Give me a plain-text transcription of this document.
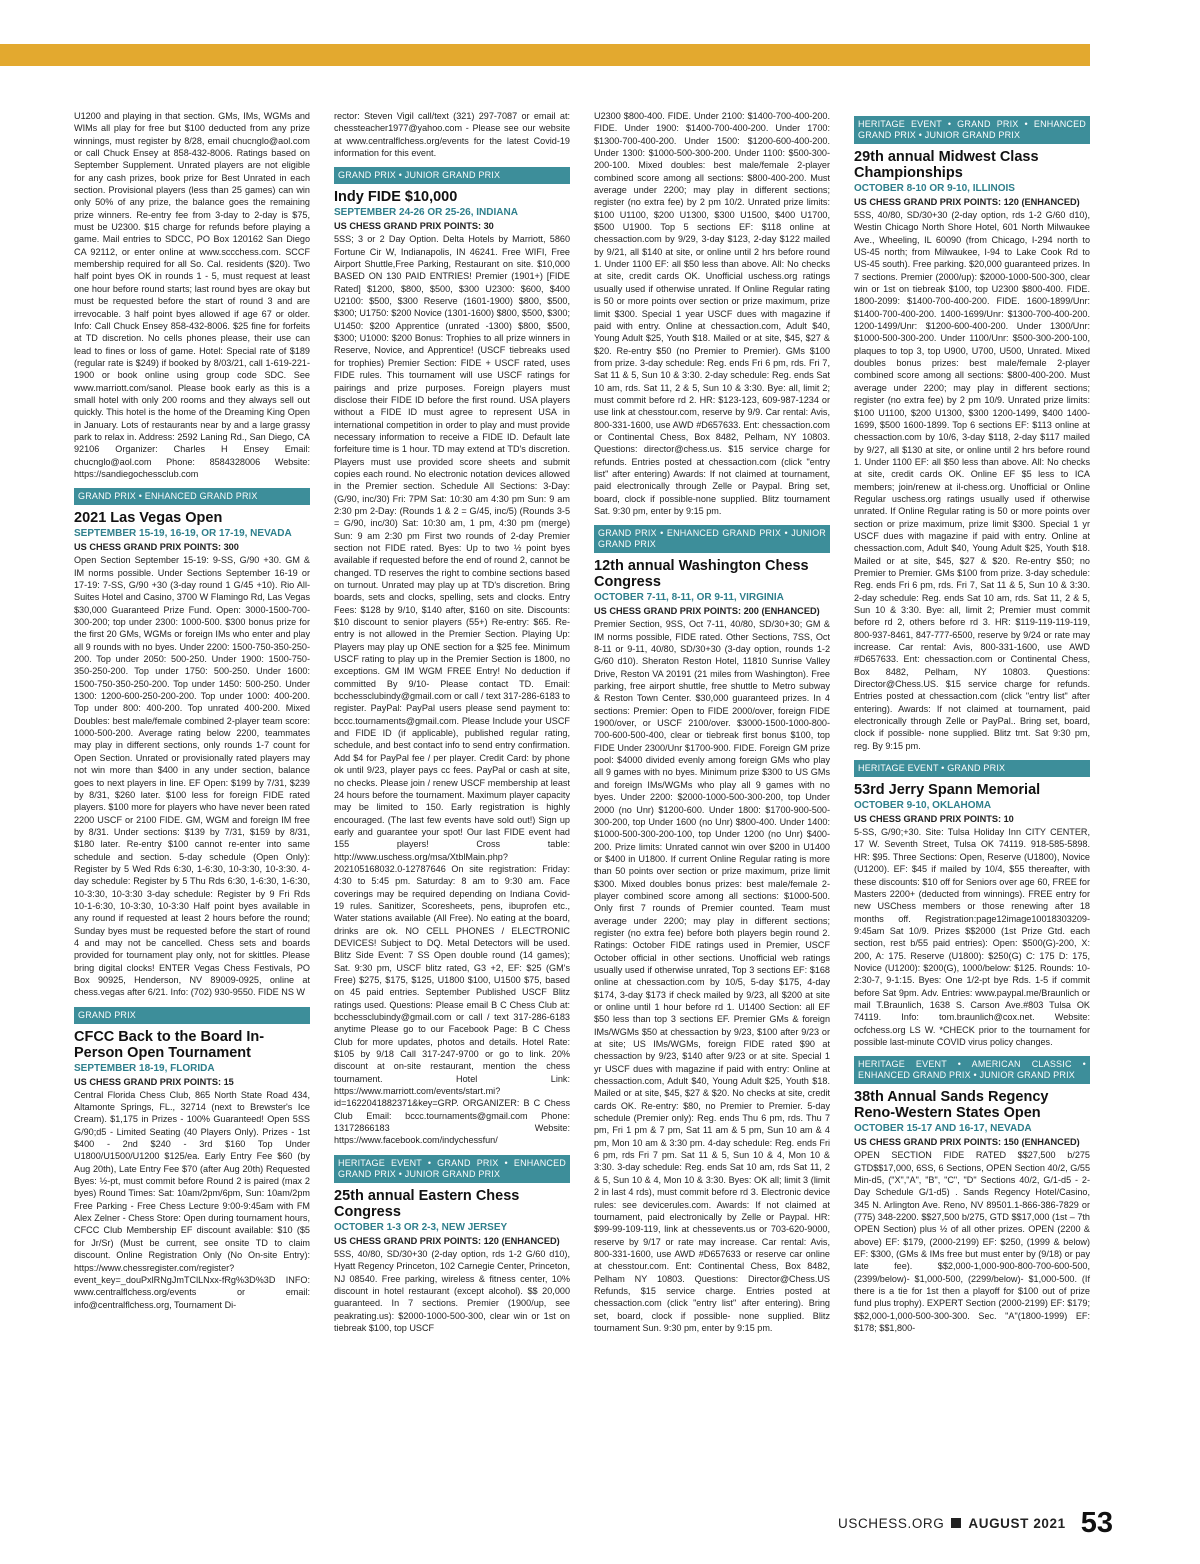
U1200 and playing in that section. GMs, IMs, WGMs and WIMs all play for free but $100 deducted from any prize winnings, must register by 8/28, email chucnglo@aol.com or call Chuck Ensey at 858-432-8006. Ratings based on September Supplement. Unrated players are not eligible for any cash prizes, book prize for Best Unrated in each section. Provisional players (less than 25 games) can win only 50% of any prize, the balance goes the remaining prize winners. Re-entry fee from 3-day to 2-day is $75, must be U2300. $15 charge for refunds before playing a game. Mail entries to SDCC, PO Box 120162 San Diego CA 92112, or enter online at www.sccchess.com. SCCF membership required for all So. Cal. residents ($20). Two half point byes OK in rounds 1 - 5, must request at least one hour before round starts; last round byes are okay but must be requested before the start of round 3 and are irrevocable. 3 half point byes allowed if age 67 or older. Info: Call Chuck Ensey 858-432-8006. $25 fine for forfeits at TD discretion. No cells phones please, their use can lead to fines or loss of game. Hotel: Special rate of $189 (regular rate is $249) if booked by 8/03/21, call 1-619-221-1900 or book online using group code SDC. See www.marriott.com/sanol. Please book early as this is a small hotel with only 200 rooms and they always sell out quickly. This hotel is the home of the Dreaming King Open in January. Lots of restaurants near by and a large grassy park to relax in. Address: 2592 Laning Rd., San Diego, CA 92106 Organizer: Charles H Ensey Email: chucnglo@aol.com Phone: 8584328006 Website: https://sandiegochessclub.com

GRAND PRIX • ENHANCED GRAND PRIX
2021 Las Vegas Open
SEPTEMBER 15-19, 16-19, OR 17-19, NEVADA
US CHESS GRAND PRIX POINTS: 300

Open Section September 15-19: 9-SS, G/90 +30. GM & IM norms possible. Under Sections September 16-19 or 17-19: 7-SS, G/90 +30 (3-day round 1 G/45 +10). Rio All-Suites Hotel and Casino, 3700 W Flamingo Rd, Las Vegas $30,000 Guaranteed Prize Fund. Open: 3000-1500-700-300-200; top under 2300: 1000-500. $300 bonus prize for the first 20 GMs, WGMs or foreign IMs who enter and play all 9 rounds with no byes. Under 2200: 1500-750-350-250-200. Top under 2050: 500-250. Under 1900: 1500-750-350-250-200. Top under 1750: 500-250. Under 1600: 1500-750-350-250-200. Top under 1450: 500-250. Under 1300: 1200-600-250-200-200. Top under 1000: 400-200. Top under 800: 400-200. Top unrated 400-200. Mixed Doubles: best male/female combined 2-player team score: 1000-500-200. Average rating below 2200, teammates may play in different sections, only rounds 1-7 count for Open Section. Unrated or provisionally rated players may not win more than $400 in any under section, balance goes to next players in line. EF Open: $199 by 7/31, $239 by 8/31, $260 later. $100 less for foreign FIDE rated players. $100 more for players who have never been rated 2200 USCF or 2100 FIDE. GM, WGM and foreign IM free by 8/31. Under sections: $139 by 7/31, $159 by 8/31, $180 later. Re-entry $100 cannot re-enter into same schedule and section. 5-day schedule (Open Only): Register by 5 Wed Rds 6:30, 1-6:30, 10-3:30, 10-3:30. 4-day schedule: Register by 5 Thu Rds 6:30, 1-6:30, 1-6:30, 10-3:30, 10-3:30 3-day schedule: Register by 9 Fri Rds 10-1-6:30, 10-3:30, 10-3:30 Half point byes available in any round if requested at least 2 hours before the round; Sunday byes must be requested before the start of round 4 and may not be cancelled. Chess sets and boards provided for tournament play only, not for skittles. Please bring digital clocks! ENTER Vegas Chess Festivals, PO Box 90925, Henderson, NV 89009-0925, online at chess.vegas after 6/21. Info: (702) 930-9550. FIDE NS W

GRAND PRIX
CFCC Back to the Board In-Person Open Tournament
SEPTEMBER 18-19, FLORIDA
US CHESS GRAND PRIX POINTS: 15

Central Florida Chess Club, 865 North State Road 434, Altamonte Springs, FL., 32714 (next to Brewster's Ice Cream). $1,175 in Prizes - 100% Guaranteed! Open 5SS G/90;d5 - Limited Seating (40 Players Only). Prizes - 1st $400 - 2nd $240 - 3rd $160 Top Under U1800/U1500/U1200 $125/ea. Early Entry Fee $60 (by Aug 20th), Late Entry Fee $70 (after Aug 20th) Requested Byes: ½-pt, must commit before Round 2 is paired (max 2 byes) Round Times: Sat: 10am/2pm/6pm, Sun: 10am/2pm Free Parking - Free Chess Lecture 9:00-9:45am with FM Alex Zelner - Chess Store: Open during tournament hours, CFCC Club Membership EF discount available: $10 ($5 for Jr/Sr) (Must be current, see onsite TD to claim discount. Online Registration Only (No On-site Entry): https://www.chessregister.com/register?event_key=_douPxlRNgJmTClLNxx-fRg%3D%3D INFO: www.centralflchess.org/events or email: info@centralflchess.org, Tournament Di-

rector: Steven Vigil call/text (321) 297-7087 or email at: chessteacher1977@yahoo.com - Please see our website at www.centralflchess.org/events for the latest Covid-19 information for this event.

GRAND PRIX • JUNIOR GRAND PRIX
Indy FIDE $10,000
SEPTEMBER 24-26 OR 25-26, INDIANA
US CHESS GRAND PRIX POINTS: 30

5SS; 3 or 2 Day Option. Delta Hotels by Marriott, 5860 Fortune Cir W, Indianapolis, IN 46241. Free WIFI, Free Airport Shuttle,Free Parking, Restaurant on site. $10,000 BASED ON 130 PAID ENTRIES! Premier (1901+) [FIDE Rated] $1200, $800, $500, $300 U2300: $600, $400 U2100: $500, $300 Reserve (1601-1900) $800, $500, $300; U1750: $200 Novice (1301-1600) $800, $500, $300; U1450: $200 Apprentice (unrated -1300) $800, $500, $300; U1000: $200 Bonus: Trophies to all prize winners in Reserve, Novice, and Apprentice! (USCF tiebreaks used for trophies) Premier Section: FIDE + USCF rated, uses FIDE rules. This tournament will use USCF ratings for pairings and prize purposes. Foreign players must disclose their FIDE ID before the first round. USA players without a FIDE ID must agree to represent USA in international competition in order to play and must provide necessary information to receive a FIDE ID. Default late forfeiture time is 1 hour. TD may extend at TD's discretion. Players must use provided score sheets and submit copies each round. No electronic notation devices allowed in the Premier section. Schedule All Sections: 3-Day: (G/90, inc/30) Fri: 7PM Sat: 10:30 am 4:30 pm Sun: 9 am 2:30 pm 2-Day: (Rounds 1 & 2 = G/45, inc/5) (Rounds 3-5 = G/90, inc/30) Sat: 10:30 am, 1 pm, 4:30 pm (merge) Sun: 9 am 2:30 pm First two rounds of 2-day Premier section not FIDE rated. Byes: Up to two ½ point byes available if requested before the end of round 2, cannot be changed. TD reserves the right to combine sections based on turnout. Unrated may play up at TD's discretion. Bring boards, sets and clocks, spelling, sets and clocks. Entry Fees: $128 by 9/10, $140 after, $160 on site. Discounts: $10 discount to senior players (55+) Re-entry: $65. Re-entry is not allowed in the Premier Section. Playing Up: Players may play up ONE section for a $25 fee. Minimum USCF rating to play up in the Premier Section is 1800, no exceptions. GM IM WGM FREE Entry! No deduction if committed By 9/10- Please contact TD. Email: bcchessclubindy@gmail.com or call / text 317-286-6183 to register. PayPal: PayPal users please send payment to: bccc.tournaments@gmail.com. Please Include your USCF and FIDE ID (if applicable), published regular rating, schedule, and best contact info to send entry confirmation. Add $4 for PayPal fee / per player. Credit Card: by phone ok until 9/23, player pays cc fees. PayPal or cash at site, no checks. Please join / renew USCF membership at least 24 hours before the tournament. Maximum player capacity may be limited to 150. Early registration is highly encouraged. (The last few events have sold out!) Sign up early and guarantee your spot! Our last FIDE event had 155 players! Cross table: http://www.uschess.org/msa/XtblMain.php?202105168032.0-12787646 On site registration: Friday: 4:30 to 5:45 pm. Saturday: 8 am to 9:30 am. Face coverings may be required depending on Indiana Covid-19 rules. Sanitizer, Scoresheets, pens, ibuprofen etc., Water stations available (All Free). No eating at the board, drinks are ok. NO CELL PHONES / ELECTRONIC DEVICES! Subject to DQ. Metal Detectors will be used. Blitz Side Event: 7 SS Open double round (14 games); Sat. 9:30 pm, USCF blitz rated, G3 +2, EF: $25 (GM's Free) $275, $175, $125, U1800 $100, U1500 $75, based on 45 paid entries. September Published USCF Blitz ratings used. Questions: Please email B C Chess Club at: bcchessclubindy@gmail.com or call / text 317-286-6183 anytime Please go to our Facebook Page: B C Chess Club for more updates, photos and details. Hotel Rate: $105 by 9/18 Call 317-247-9700 or go to link. 20% discount at on-site restaurant, mention the chess tournament. Hotel Link: https://www.marriott.com/events/start.mi?id=1622041882371&key=GRP. ORGANIZER: B C Chess Club Email: bccc.tournaments@gmail.com Phone: 13172866183 Website: https://www.facebook.com/indychessfun/

HERITAGE EVENT • GRAND PRIX • ENHANCED GRAND PRIX • JUNIOR GRAND PRIX
25th annual Eastern Chess Congress
OCTOBER 1-3 OR 2-3, NEW JERSEY
US CHESS GRAND PRIX POINTS: 120 (ENHANCED)

5SS, 40/80, SD/30+30 (2-day option, rds 1-2 G/60 d10), Hyatt Regency Princeton, 102 Carnegie Center, Princeton, NJ 08540. Free parking, wireless & fitness center, 10% discount in hotel restaurant (except alcohol). $$ 20,000 guaranteed. In 7 sections. Premier (1900/up, see peakrating.us): $2000-1000-500-300, clear win or 1st on tiebreak $100, top USCF

U2300 $800-400. FIDE. Under 2100: $1400-700-400-200. FIDE. Under 1900: $1400-700-400-200. Under 1700: $1300-700-400-200. Under 1500: $1200-600-400-200. Under 1300: $1000-500-300-200. Under 1100: $500-300-200-100. Mixed doubles: best male/female 2-player combined score among all sections: $800-400-200. Must average under 2200; may play in different sections; register (no extra fee) by 2 pm 10/2. Unrated prize limits: $100 U1100, $200 U1300, $300 U1500, $400 U1700, $500 U1900. Top 5 sections EF: $118 online at chessaction.com by 9/29, 3-day $123, 2-day $122 mailed by 9/21, all $140 at site, or online until 2 hrs before round 1. Under 1100 EF: all $50 less than above. All: No checks at site, credit cards OK. Unofficial uschess.org ratings usually used if otherwise unrated. If Online Regular rating is 50 or more points over section or prize maximum, prize limit $300. Special 1 year USCF dues with magazine if paid with entry. Online at chessaction.com, Adult $40, Young Adult $25, Youth $18. Mailed or at site, $45, $27 & $20. Re-entry $50 (no Premier to Premier). GMs $100 from prize. 3-day schedule: Reg. ends Fri 6 pm, rds. Fri 7, Sat 11 & 5, Sun 10 & 3:30. 2-day schedule: Reg. ends Sat 10 am, rds. Sat 11, 2 & 5, Sun 10 & 3:30. Bye: all, limit 2; must commit before rd 2. HR: $123-123, 609-987-1234 or use link at chesstour.com, reserve by 9/9. Car rental: Avis, 800-331-1600, use AWD #D657633. Ent: chessaction.com or Continental Chess, Box 8482, Pelham, NY 10803. Questions: director@chess.us. $15 service charge for refunds. Entries posted at chessaction.com (click "entry list" after entering) Awards: If not claimed at tournament, paid electronically through Zelle or Paypal. Bring set, board, clock if possible-none supplied. Blitz tournament Sat. 9:30 pm, enter by 9:15 pm.

GRAND PRIX • ENHANCED GRAND PRIX • JUNIOR GRAND PRIX
12th annual Washington Chess Congress
OCTOBER 7-11, 8-11, OR 9-11, VIRGINIA
US CHESS GRAND PRIX POINTS: 200 (ENHANCED)

Premier Section, 9SS, Oct 7-11, 40/80, SD/30+30; GM & IM norms possible, FIDE rated. Other Sections, 7SS, Oct 8-11 or 9-11, 40/80, SD/30+30 (3-day option, rounds 1-2 G/60 d10). Sheraton Reston Hotel, 11810 Sunrise Valley Drive, Reston VA 20191 (21 miles from Washington). Free parking, free airport shuttle, free shuttle to Metro subway & Reston Town Center. $30,000 guaranteed prizes. In 4 sections: Premier: Open to FIDE 2000/over, foreign FIDE 1900/over, or USCF 2100/over. $3000-1500-1000-800-700-600-500-400, clear or tiebreak first bonus $100, top FIDE Under 2300/Unr $1700-900. FIDE. Foreign GM prize pool: $4000 divided evenly among foreign GMs who play all 9 games with no byes. Minimum prize $300 to US GMs and foreign IMs/WGMs who play all 9 games with no byes. Under 2200: $2000-1000-500-300-200, top Under 2000 (no Unr) $1200-600. Under 1800: $1700-900-500-300-200, top Under 1600 (no Unr) $800-400. Under 1400: $1000-500-300-200-100, top Under 1200 (no Unr) $400-200. Prize limits: Unrated cannot win over $200 in U1400 or $400 in U1800. If current Online Regular rating is more than 50 points over section or prize maximum, prize limit $300. Mixed doubles bonus prizes: best male/female 2-player combined score among all sections: $1000-500. Only first 7 rounds of Premier counted. Team must average under 2200; may play in different sections; register (no extra fee) before both players begin round 2. Ratings: October FIDE ratings used in Premier, USCF October official in other sections. Unofficial web ratings usually used if otherwise unrated, Top 3 sections EF: $168 online at chessaction.com by 10/5, 5-day $175, 4-day $174, 3-day $173 if check mailed by 9/23, all $200 at site or online until 1 hour before rd 1. U1400 Section: all EF $50 less than top 3 sections EF. Premier GMs & foreign IMs/WGMs $50 at chessaction by 9/23, $100 after 9/23 or at site; US IMs/WGMs, foreign FIDE rated $90 at chessaction by 9/23, $140 after 9/23 or at site. Special 1 yr USCF dues with magazine if paid with entry: Online at chessaction.com, Adult $40, Young Adult $25, Youth $18. Mailed or at site, $45, $27 & $20. No checks at site, credit cards OK. Re-entry: $80, no Premier to Premier. 5-day schedule (Premier only): Reg. ends Thu 6 pm, rds. Thu 7 pm, Fri 1 pm & 7 pm, Sat 11 am & 5 pm, Sun 10 am & 4 pm, Mon 10 am & 3:30 pm. 4-day schedule: Reg. ends Fri 6 pm, rds Fri 7 pm. Sat 11 & 5, Sun 10 & 4, Mon 10 & 3:30. 3-day schedule: Reg. ends Sat 10 am, rds Sat 11, 2 & 5, Sun 10 & 4, Mon 10 & 3:30. Byes: OK all; limit 3 (limit 2 in last 4 rds), must commit before rd 3. Electronic device rules: see devicerules.com. Awards: If not claimed at tournament, paid electronically by Zelle or Paypal. HR: $99-99-109-119, link at chessevents.us or 703-620-9000, reserve by 9/17 or rate may increase. Car rental: Avis, 800-331-1600, use AWD #D657633 or reserve car online at chesstour.com. Ent: Continental Chess, Box 8482, Pelham NY 10803. Questions: Director@Chess.US Refunds, $15 service charge. Entries posted at chessaction.com (click "entry list" after entering). Bring set, board, clock if possible- none supplied. Blitz tournament Sun. 9:30 pm, enter by 9:15 pm.

HERITAGE EVENT • GRAND PRIX • ENHANCED GRAND PRIX • JUNIOR GRAND PRIX
29th annual Midwest Class Championships
OCTOBER 8-10 OR 9-10, ILLINOIS
US CHESS GRAND PRIX POINTS: 120 (ENHANCED)

5SS, 40/80, SD/30+30 (2-day option, rds 1-2 G/60 d10), Westin Chicago North Shore Hotel, 601 North Milwaukee Ave., Wheeling, IL 60090 (from Chicago, I-294 north to US-45 north; from Milwaukee, I-94 to Lake Cook Rd to US-45 south). Free parking. $20,000 guaranteed prizes. In 7 sections. Premier (2000/up): $2000-1000-500-300, clear win or 1st on tiebreak $100, top U2300 $800-400. FIDE. 1800-2099: $1400-700-400-200. FIDE. 1600-1899/Unr: $1400-700-400-200. 1400-1699/Unr: $1300-700-400-200. 1200-1499/Unr: $1200-600-400-200. Under 1300/Unr: $1000-500-300-200. Under 1100/Unr: $500-300-200-100, plaques to top 3, top U900, U700, U500, Unrated. Mixed doubles bonus prizes: best male/female 2-player combined score among all sections: $800-400-200. Must average under 2200; may play in different sections; register (no extra fee) by 2 pm 10/9. Unrated prize limits: $100 U1100, $200 U1300, $300 1200-1499, $400 1400-1699, $500 1600-1899. Top 6 sections EF: $113 online at chessaction.com by 10/6, 3-day $118, 2-day $117 mailed by 9/27, all $130 at site, or online until 2 hrs before round 1. Under 1100 EF: all $50 less than above. All: No checks at site, credit cards OK. Online EF $5 less to ICA members; join/renew at il-chess.org. Unofficial or Online Regular uschess.org ratings usually used if otherwise unrated. If Online Regular rating is 50 or more points over section or prize maximum, prize limit $300. Special 1 yr USCF dues with magazine if paid with entry. Online at chessaction.com, Adult $40, Young Adult $25, Youth $18. Mailed or at site, $45, $27 & $20. Re-entry $50; no Premier to Premier. GMs $100 from prize. 3-day schedule: Reg. ends Fri 6 pm, rds. Fri 7, Sat 11 & 5, Sun 10 & 3:30. 2-day schedule: Reg. ends Sat 10 am, rds. Sat 11, 2 & 5, Sun 10 & 3:30. Bye: all, limit 2; Premier must commit before rd 2, others before rd 3. HR: $119-119-119-119, 800-937-8461, 847-777-6500, reserve by 9/24 or rate may increase. Car rental: Avis, 800-331-1600, use AWD #D657633. Ent: chessaction.com or Continental Chess, Box 8482, Pelham, NY 10803. Questions: Director@Chess.US. $15 service charge for refunds. Entries posted at chessaction.com (click "entry list" after entering). Awards: If not claimed at tournament, paid electronically through Zelle or PayPal.. Bring set, board, clock if possible- none supplied. Blitz tmt. Sat 9:30 pm, reg. By 9:15 pm.

HERITAGE EVENT • GRAND PRIX
53rd Jerry Spann Memorial
OCTOBER 9-10, OKLAHOMA
US CHESS GRAND PRIX POINTS: 10

5-SS, G/90;+30. Site: Tulsa Holiday Inn CITY CENTER, 17 W. Seventh Street, Tulsa OK 74119. 918-585-5898. HR: $95. Three Sections: Open, Reserve (U1800), Novice (U1200). EF: $45 if mailed by 10/4, $55 thereafter, with these discounts: $10 off for Seniors over age 60, FREE for Masters 2200+ (deducted from winnings). FREE entry for new USChess members or those renewing after 18 months off. Registration:page12image10018303209-9:45am Sat 10/9. Prizes $$2000 (1st Prize Gtd. each section, rest b/55 paid entries): Open: $500(G)-200, X: 200, A: 175. Reserve (U1800): $250(G) C: 175 D: 175, Novice (U1200): $200(G), 1000/below: $125. Rounds: 10-2:30-7, 9-1:15. Byes: One 1/2-pt bye Rds. 1-5 if commit before Sat 9pm. Adv. Entries: www.paypal.me/Braunlich or mail T.Braunlich, 1638 S. Carson Ave.#803 Tulsa OK 74119. Info: tom.braunlich@cox.net. Website: ocfchess.org LS W. *CHECK prior to the tournament for possible last-minute COVID virus policy changes.

HERITAGE EVENT • AMERICAN CLASSIC • ENHANCED GRAND PRIX • JUNIOR GRAND PRIX
38th Annual Sands Regency Reno-Western States Open
OCTOBER 15-17 AND 16-17, NEVADA
US CHESS GRAND PRIX POINTS: 150 (ENHANCED)

OPEN SECTION FIDE RATED $$27,500 b/275 GTD$$17,000, 6SS, 6 Sections, OPEN Section 40/2, G/55 Min-d5, ("X","A", "B", "C", "D" Sections 40/2, G/1-d5 - 2-Day Schedule G/1-d5) . Sands Regency Hotel/Casino, 345 N. Arlington Ave. Reno, NV 89501.1-866-386-7829 or (775) 348-2200. $$27,500 b/275, GTD $$17,000 (1st – 7th OPEN Section) plus ½ of all other prizes. OPEN (2200 & above) EF: $179, (2000-2199) EF: $250, (1999 & below) EF: $300, (GMs & IMs free but must enter by (9/18) or pay late fee). $$2,000-1,000-900-800-700-600-500, (2399/below)- $1,000-500, (2299/below)- $1,000-500. (If there is a tie for 1st then a playoff for $100 out of prize fund plus trophy). EXPERT Section (2000-2199) EF: $179; $$2,000-1,000-500-300-300. Sec. "A"(1800-1999) EF: $178; $$1,800-

USCHESS.ORG AUGUST 2021 53
